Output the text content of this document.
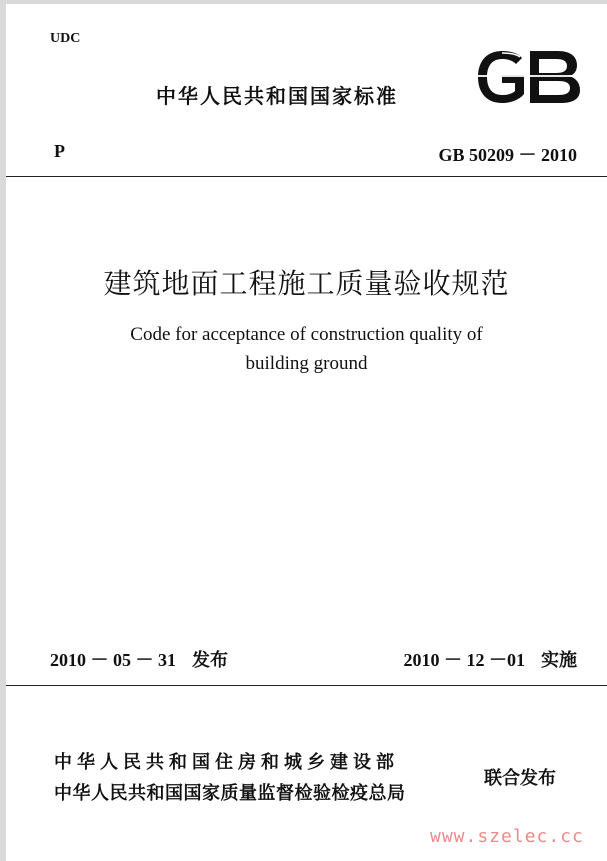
UDC
中华人民共和国国家标准
P	GB 50209 － 2010
建筑地面工程施工质量验收规范
Code for acceptance of construction quality of
building ground
2010 － 05 － 31 发布	2010 － 12 －01 实施
中华人民共和国住房和城乡建设部
中华人民共和国国家质量监督检验检疫总局
联合发布
www.szelec.cc
